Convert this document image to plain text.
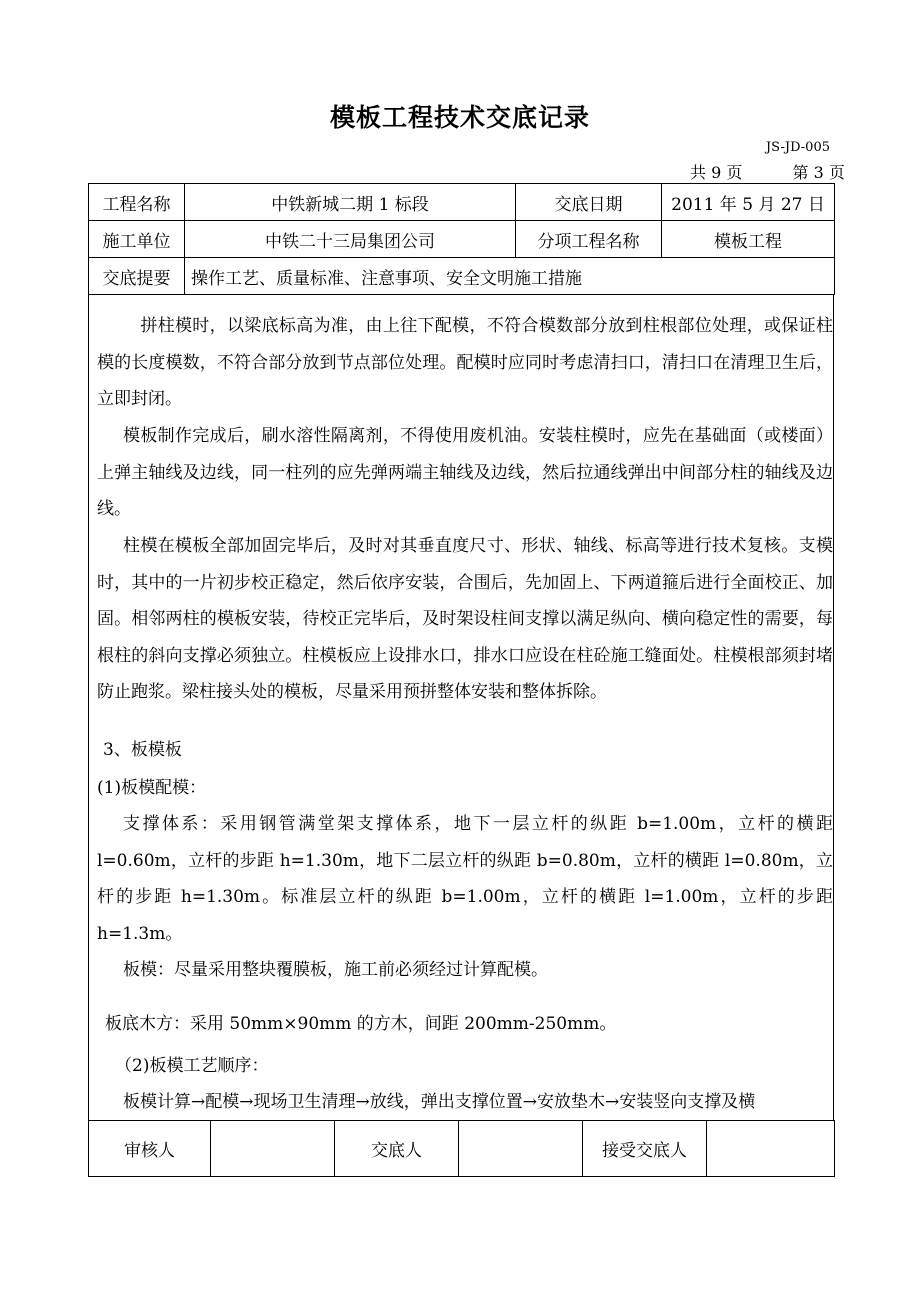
模板工程技术交底记录
JS-JD-005
共 9 页	第 3 页
工程名称	中铁新城二期 1 标段	交底日期	2011 年 5 月 27 日
施工单位	中铁二十三局集团公司	分项工程名称	模板工程
交底提要	操作工艺、质量标准、注意事项、安全文明施工措施		
　拼柱模时，以梁底标高为准，由上往下配模，不符合模数部分放到柱根部位处理，或保证柱模的长度模数，不符合部分放到节点部位处理。配模时应同时考虑清扫口，清扫口在清理卫生后，立即封闭。
模板制作完成后，刷水溶性隔离剂，不得使用废机油。安装柱模时，应先在基础面（或楼面）上弹主轴线及边线，同一柱列的应先弹两端主轴线及边线，然后拉通线弹出中间部分柱的轴线及边线。
柱模在模板全部加固完毕后，及时对其垂直度尺寸、形状、轴线、标高等进行技术复核。支模时，其中的一片初步校正稳定，然后依序安装，合围后，先加固上、下两道箍后进行全面校正、加固。相邻两柱的模板安装，待校正完毕后，及时架设柱间支撑以满足纵向、横向稳定性的需要，每根柱的斜向支撑必须独立。柱模板应上设排水口，排水口应设在柱砼施工缝面处。柱模根部须封堵防止跑浆。梁柱接头处的模板，尽量采用预拼整体安装和整体拆除。
3、板模板
(1)板模配模：
支撑体系：采用钢管满堂架支撑体系，地下一层立杆的纵距 b=1.00m，立杆的横距 l=0.60m，立杆的步距 h=1.30m，地下二层立杆的纵距 b=0.80m，立杆的横距 l=0.80m，立杆的步距 h=1.30m。标准层立杆的纵距 b=1.00m，立杆的横距 l=1.00m，立杆的步距 h=1.3m。
板模：尽量采用整块覆膜板，施工前必须经过计算配模。
板底木方：采用 50mm×90mm 的方木，间距 200mm-250mm。
（2)板模工艺顺序：
板模计算→配模→现场卫生清理→放线，弹出支撑位置→安放垫木→安装竖向支撑及横
审核人		交底人		接受交底人	
